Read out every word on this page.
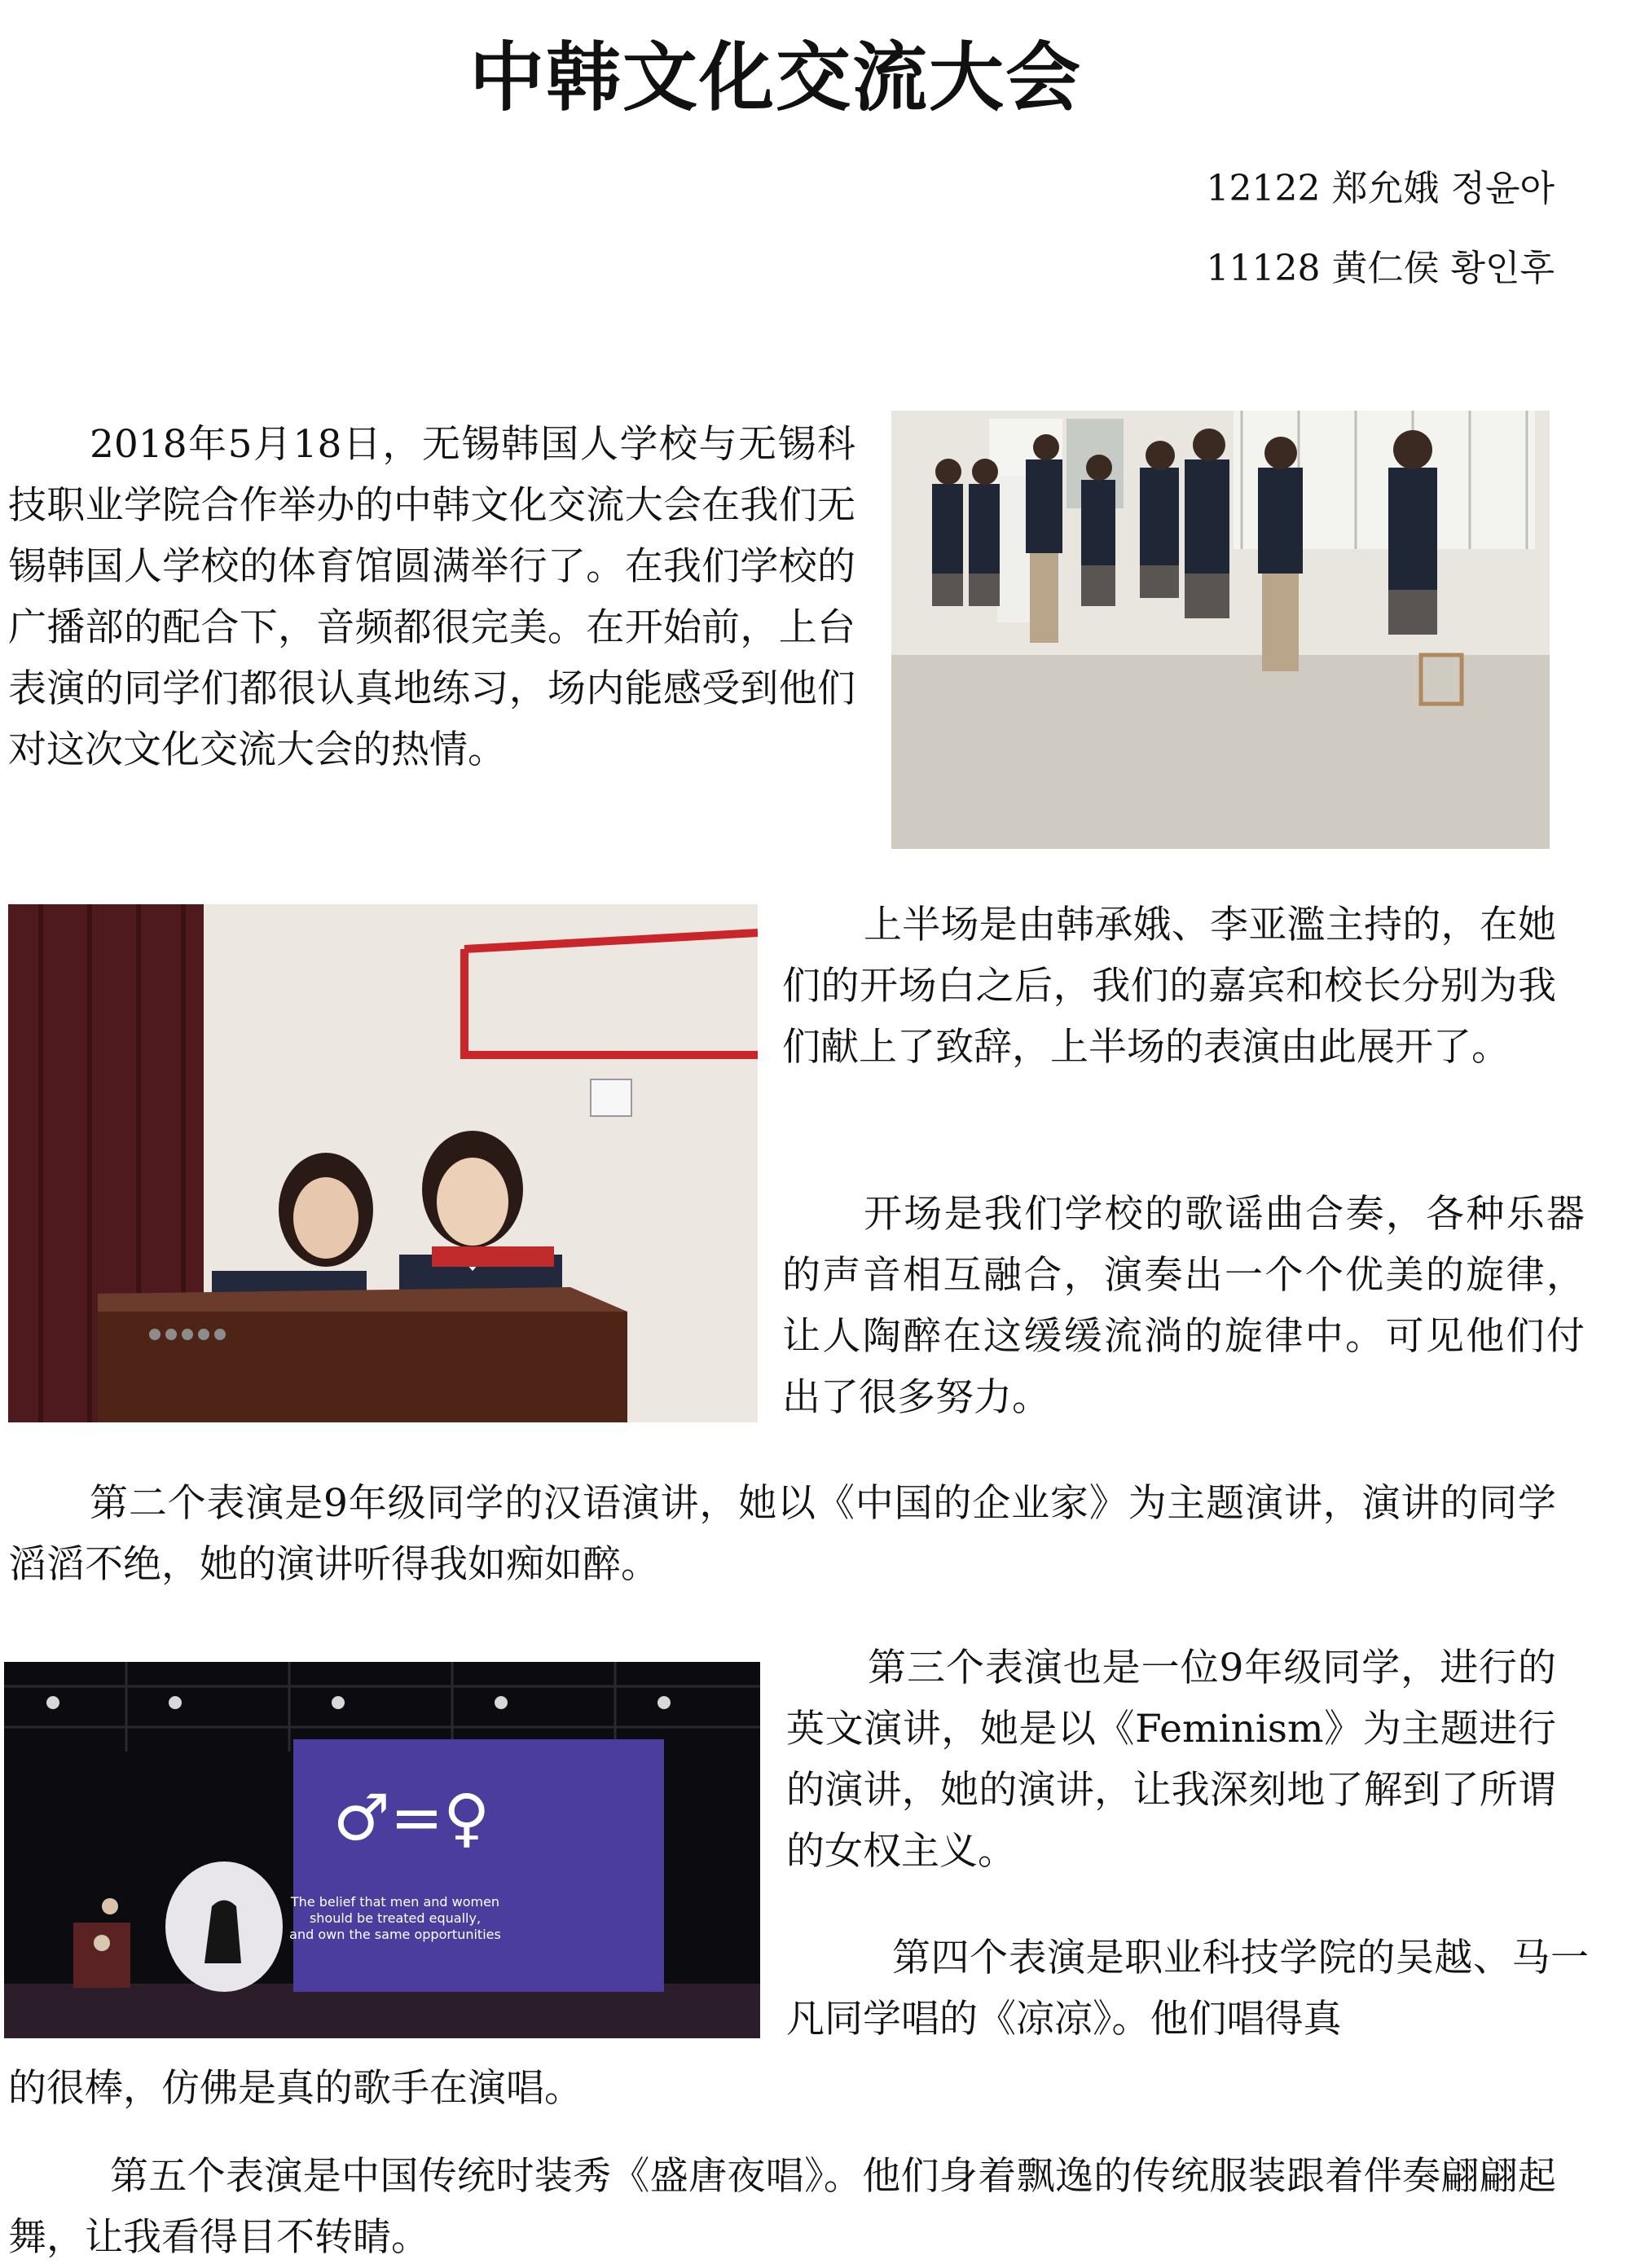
中韩文化交流大会
12122 郑允娥 정윤아
11128 黄仁侯 황인후

2018年5月18日，无锡韩国人学校与无锡科技职业学院合作举办的中韩文化交流大会在我们无锡韩国人学校的体育馆圆满举行了。在我们学校的广播部的配合下，音频都很完美。在开始前，上台表演的同学们都很认真地练习，场内能感受到他们对这次文化交流大会的热情。

上半场是由韩承娥、李亚濫主持的，在她们的开场白之后，我们的嘉宾和校长分别为我们献上了致辞，上半场的表演由此展开了。

开场是我们学校的歌谣曲合奏，各种乐器的声音相互融合，演奏出一个个优美的旋律，让人陶醉在这缓缓流淌的旋律中。可见他们付出了很多努力。

第二个表演是9年级同学的汉语演讲，她以《中国的企业家》为主题演讲，演讲的同学滔滔不绝，她的演讲听得我如痴如醉。

♂=♀
The belief that men and women
should be treated equally,
and own the same opportunities

第三个表演也是一位9年级同学，进行的英文演讲，她是以《Feminism》为主题进行的演讲，她的演讲，让我深刻地了解到了所谓的女权主义。

第四个表演是职业科技学院的吴越、马一凡同学唱的《凉凉》。他们唱得真

的很棒，仿佛是真的歌手在演唱。

第五个表演是中国传统时装秀《盛唐夜唱》。他们身着飘逸的传统服装跟着伴奏翩翩起舞，让我看得目不转睛。
